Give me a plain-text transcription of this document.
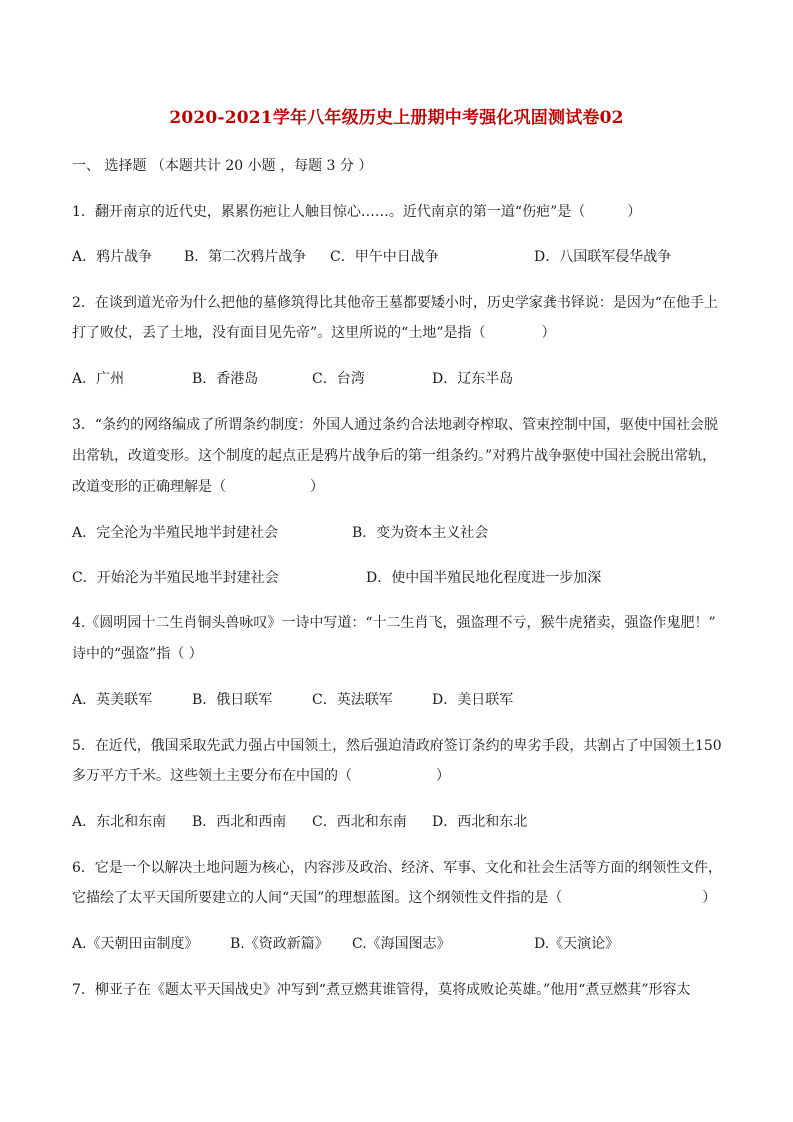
2020-2021学年八年级历史上册期中考强化巩固测试卷02
一、 选择题 （本题共计 20 小题 ，每题 3 分 ）
1．翻开南京的近代史，累累伤疤让人触目惊心……。近代南京的第一道“伤疤”是（　　　）
A．鸦片战争 B．第二次鸦片战争 C．甲午中日战争	D．八国联军侵华战争
2．在谈到道光帝为什么把他的墓修筑得比其他帝王墓都要矮小时，历史学家龚书铎说：是因为“在他手上
打了败仗，丢了土地，没有面目见先帝”。这里所说的“土地”是指（　　　　）
A．广州	B．香港岛	C．台湾	D．辽东半岛
3．“条约的网络编成了所谓条约制度：外国人通过条约合法地剥夺榨取、管束控制中国，驱使中国社会脱
出常轨，改道变形。这个制度的起点正是鸦片战争后的第一组条约。”对鸦片战争驱使中国社会脱出常轨，
改道变形的正确理解是（　　　　　　）
A．完全沦为半殖民地半封建社会	B．变为资本主义社会
C．开始沦为半殖民地半封建社会	D．使中国半殖民地化程度进一步加深
4.《圆明园十二生肖铜头兽咏叹》一诗中写道：“十二生肖飞，强盗理不亏，猴牛虎猪卖，强盗作鬼肥！”
诗中的“强盗”指（ ）
A．英美联军	B．俄日联军	C．英法联军	D．美日联军
5．在近代，俄国采取先武力强占中国领土，然后强迫清政府签订条约的卑劣手段，共割占了中国领土150
多万平方千米。这些领土主要分布在中国的（　　　　　　）
A．东北和东南 B．西北和西南 C．西北和东南 D．西北和东北
6．它是一个以解决土地问题为核心，内容涉及政治、经济、军事、文化和社会生活等方面的纲领性文件，
它描绘了太平天国所要建立的人间“天国”的理想蓝图。这个纲领性文件指的是（　　　　　　　　　　）
A.《天朝田亩制度》 B.《资政新篇》 C.《海国图志》	D.《天演论》
7．柳亚子在《题太平天国战史》冲写到“煮豆燃萁谁管得，莫将成败论英雄。”他用“煮豆燃萁”形容太
